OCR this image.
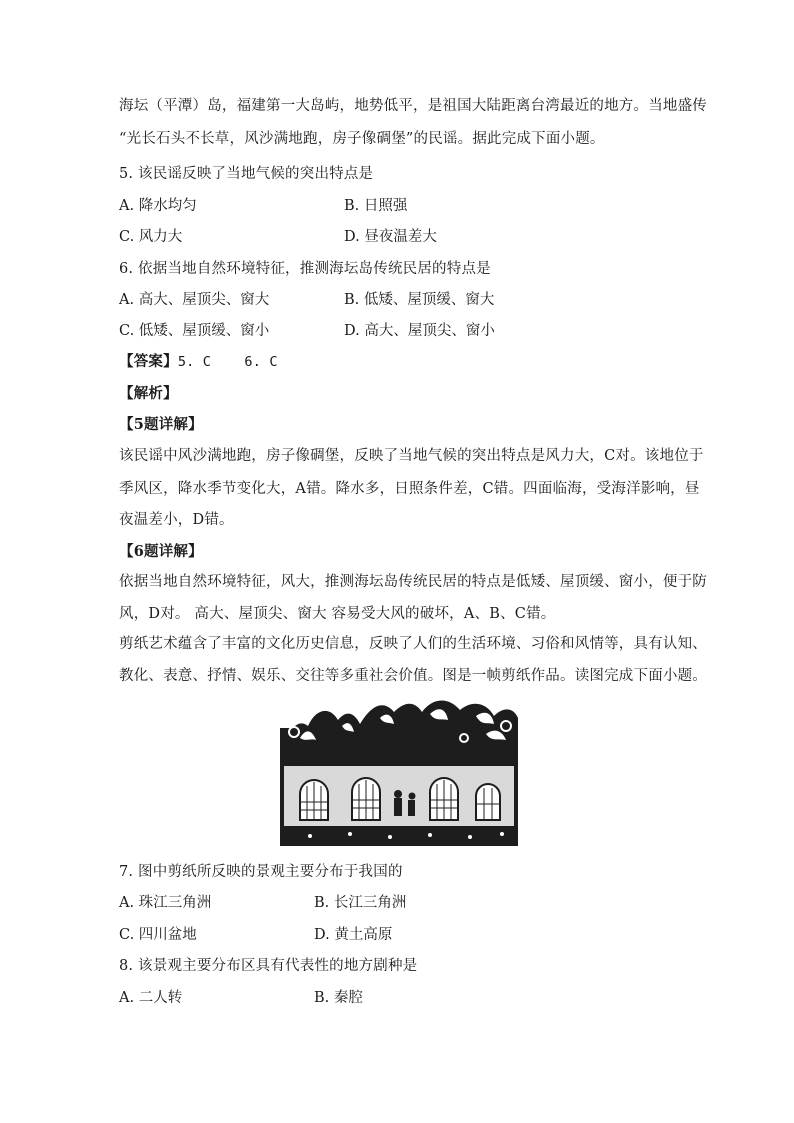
海坛（平潭）岛，福建第一大岛屿，地势低平，是祖国大陆距离台湾最近的地方。当地盛传
“光长石头不长草，风沙满地跑，房子像碉堡”的民谣。据此完成下面小题。
5. 该民谣反映了当地气候的突出特点是
A. 降水均匀	B. 日照强
C. 风力大	D. 昼夜温差大
6. 依据当地自然环境特征，推测海坛岛传统民居的特点是
A. 高大、屋顶尖、窗大	B. 低矮、屋顶缓、窗大
C. 低矮、屋顶缓、窗小	D. 高大、屋顶尖、窗小
【答案】5. C    6. C
【解析】
【5题详解】
该民谣中风沙满地跑，房子像碉堡，反映了当地气候的突出特点是风力大，C对。该地位于
季风区，降水季节变化大，A错。降水多，日照条件差，C错。四面临海，受海洋影响，昼
夜温差小，D错。
【6题详解】
依据当地自然环境特征，风大，推测海坛岛传统民居的特点是低矮、屋顶缓、窗小，便于防
风，D对。 高大、屋顶尖、窗大 容易受大风的破坏，A、B、C错。
剪纸艺术蕴含了丰富的文化历史信息，反映了人们的生活环境、习俗和风情等，具有认知、
教化、表意、抒情、娱乐、交往等多重社会价值。图是一帧剪纸作品。读图完成下面小题。
7. 图中剪纸所反映的景观主要分布于我国的
A. 珠江三角洲	B. 长江三角洲
C. 四川盆地	D. 黄土高原
8. 该景观主要分布区具有代表性的地方剧种是
A. 二人转	B. 秦腔
